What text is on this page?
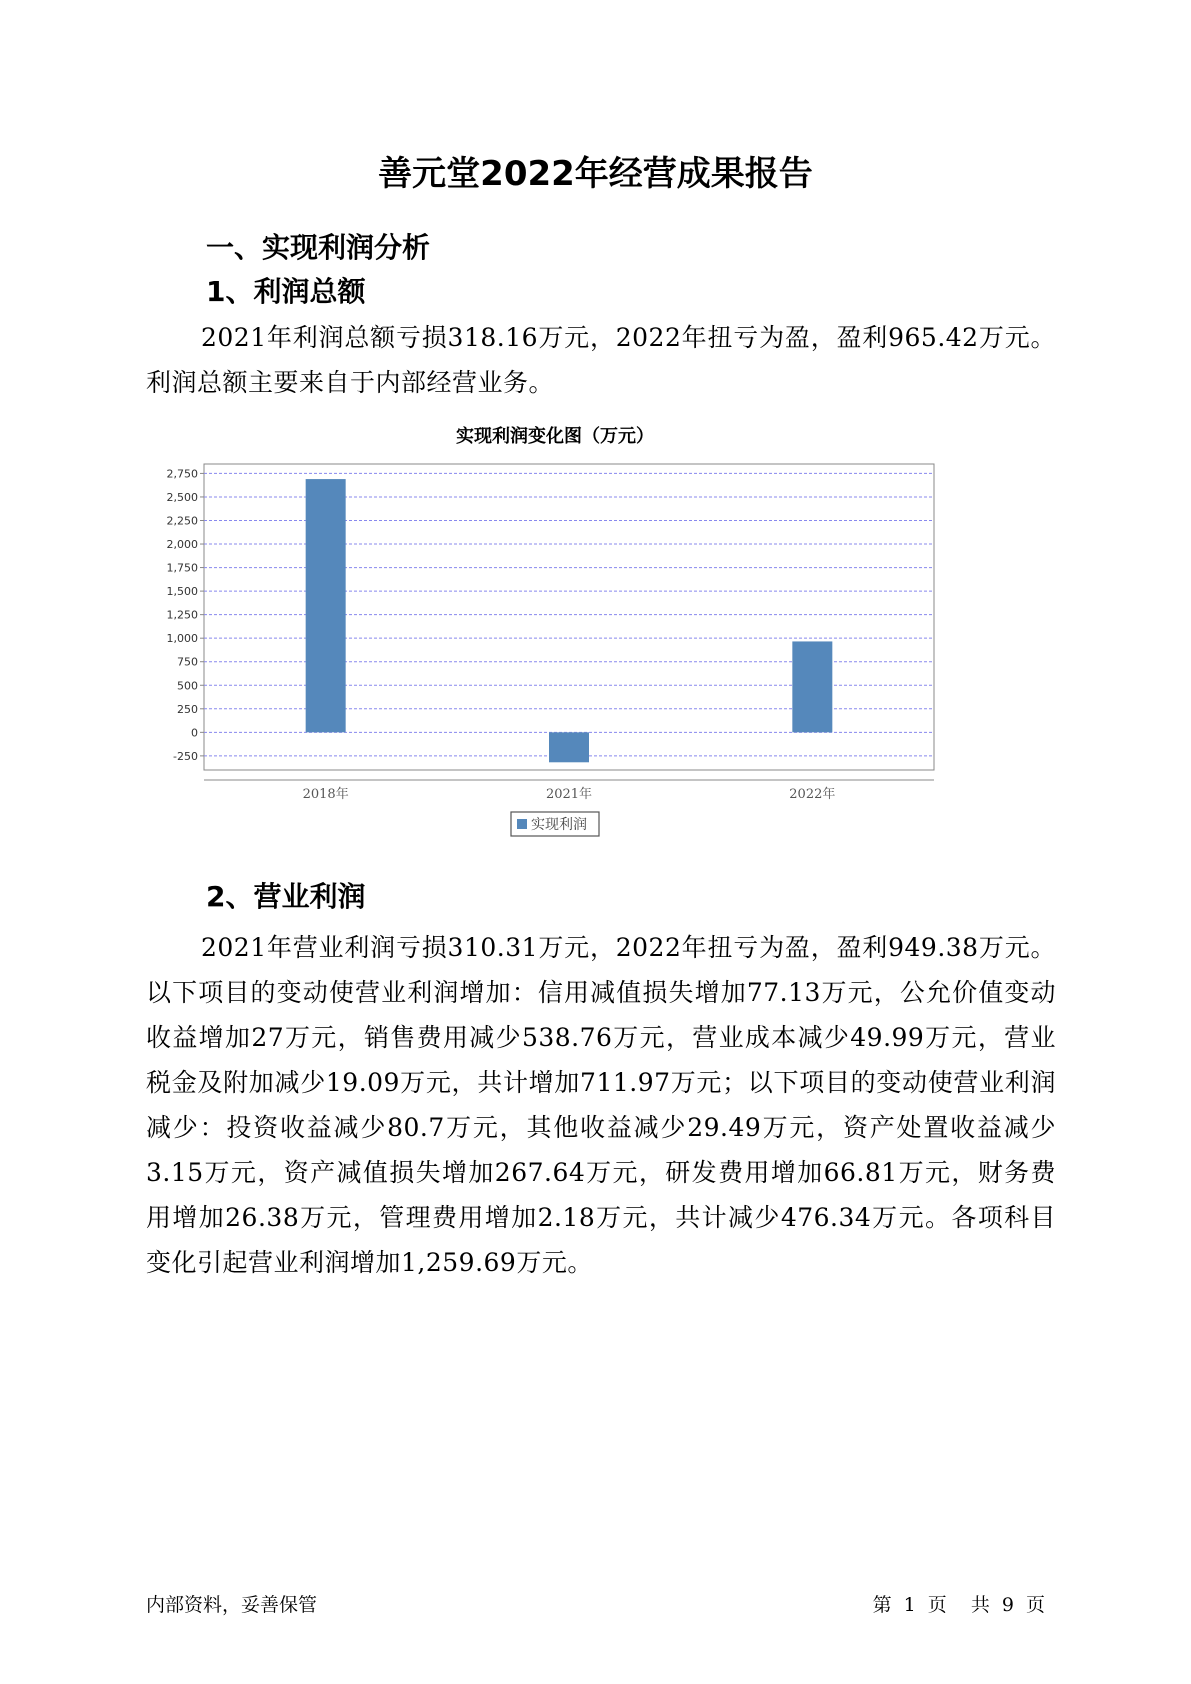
善元堂2022年经营成果报告
一、实现利润分析
1、利润总额

2021年利润总额亏损318.16万元，2022年扭亏为盈，盈利965.42万元。利润总额主要来自于内部经营业务。

实现利润变化图（万元）
-250
0
250
500
750
1,000
1,250
1,500
1,750
2,000
2,250
2,500
2,750
2018年	2021年	2022年
实现利润
2、营业利润

2021年营业利润亏损310.31万元，2022年扭亏为盈，盈利949.38万元。以下项目的变动使营业利润增加：信用减值损失增加77.13万元，公允价值变动收益增加27万元，销售费用减少538.76万元，营业成本减少49.99万元，营业税金及附加减少19.09万元，共计增加711.97万元；以下项目的变动使营业利润减少：投资收益减少80.7万元，其他收益减少29.49万元，资产处置收益减少3.15万元，资产减值损失增加267.64万元，研发费用增加66.81万元，财务费用增加26.38万元，管理费用增加2.18万元，共计减少476.34万元。各项科目变化引起营业利润增加1,259.69万元。

内部资料，妥善保管	第 1 页 共 9 页
